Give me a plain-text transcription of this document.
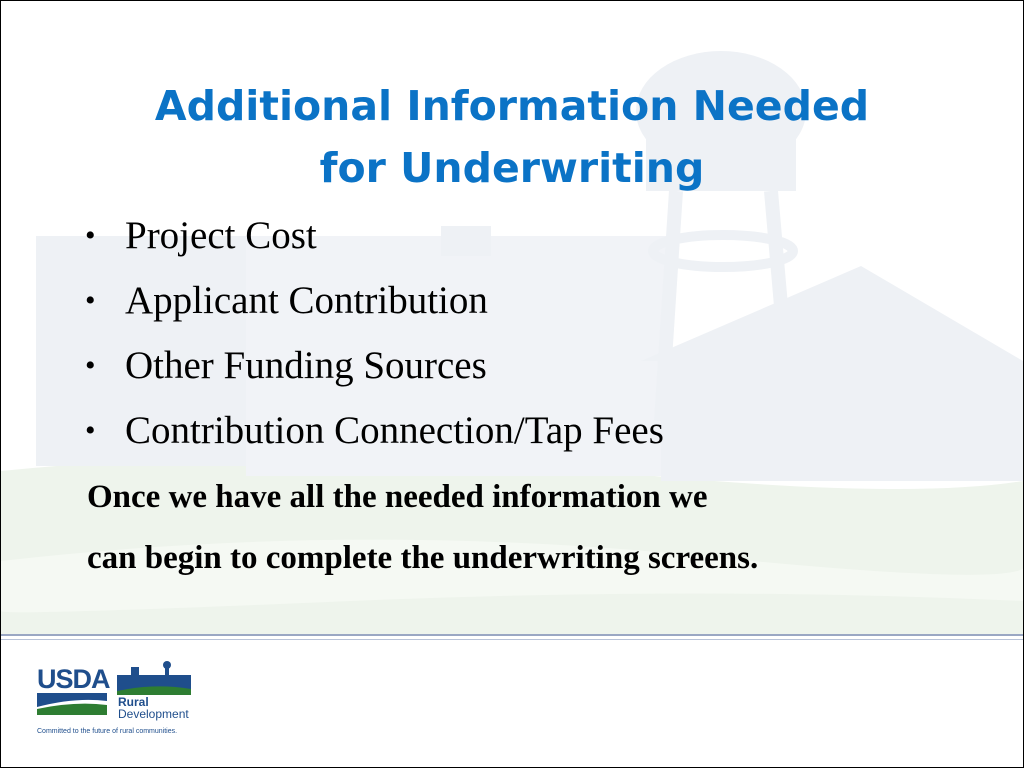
Additional Information Needed
for Underwriting
• Project Cost
• Applicant Contribution
• Other Funding Sources
• Contribution Connection/Tap Fees
Once we have all the needed information we
can begin to complete the underwriting screens.
USDA
Rural
Development
Committed to the future of rural communities.
